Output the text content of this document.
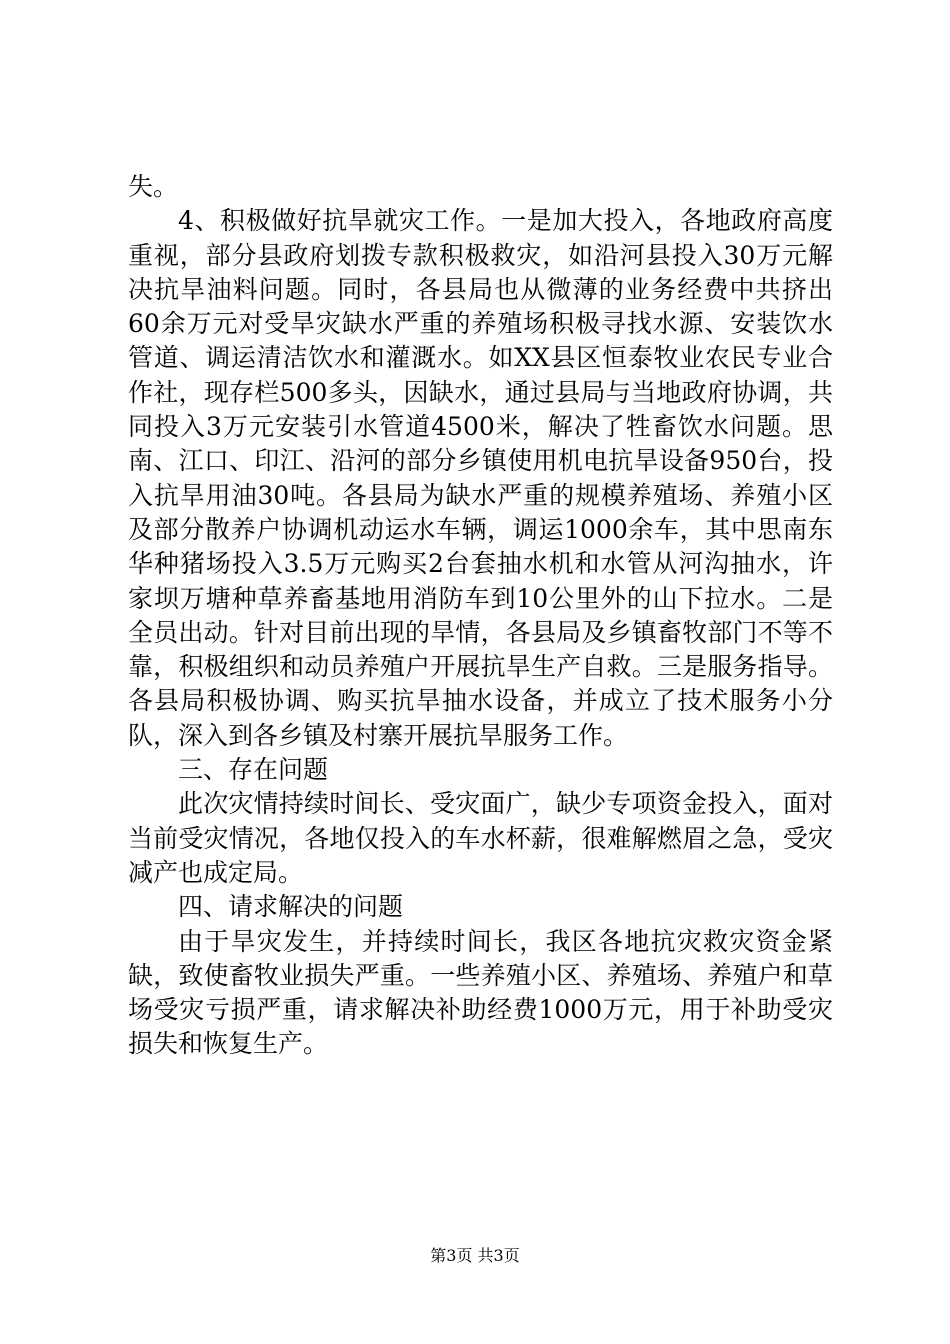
失。

4、积极做好抗旱就灾工作。一是加大投入，各地政府高度重视，部分县政府划拨专款积极救灾，如沿河县投入30万元解决抗旱油料问题。同时，各县局也从微薄的业务经费中共挤出60余万元对受旱灾缺水严重的养殖场积极寻找水源、安装饮水管道、调运清洁饮水和灌溉水。如XX县区恒泰牧业农民专业合作社，现存栏500多头，因缺水，通过县局与当地政府协调，共同投入3万元安装引水管道4500米，解决了牲畜饮水问题。思南、江口、印江、沿河的部分乡镇使用机电抗旱设备950台，投入抗旱用油30吨。各县局为缺水严重的规模养殖场、养殖小区及部分散养户协调机动运水车辆，调运1000余车，其中思南东华种猪场投入3.5万元购买2台套抽水机和水管从河沟抽水，许家坝万塘种草养畜基地用消防车到10公里外的山下拉水。二是全员出动。针对目前出现的旱情，各县局及乡镇畜牧部门不等不靠，积极组织和动员养殖户开展抗旱生产自救。三是服务指导。各县局积极协调、购买抗旱抽水设备，并成立了技术服务小分队，深入到各乡镇及村寨开展抗旱服务工作。

三、存在问题

此次灾情持续时间长、受灾面广，缺少专项资金投入，面对当前受灾情况，各地仅投入的车水杯薪，很难解燃眉之急，受灾减产也成定局。

四、请求解决的问题

由于旱灾发生，并持续时间长，我区各地抗灾救灾资金紧缺，致使畜牧业损失严重。一些养殖小区、养殖场、养殖户和草场受灾亏损严重，请求解决补助经费1000万元，用于补助受灾损失和恢复生产。

第3页 共3页
